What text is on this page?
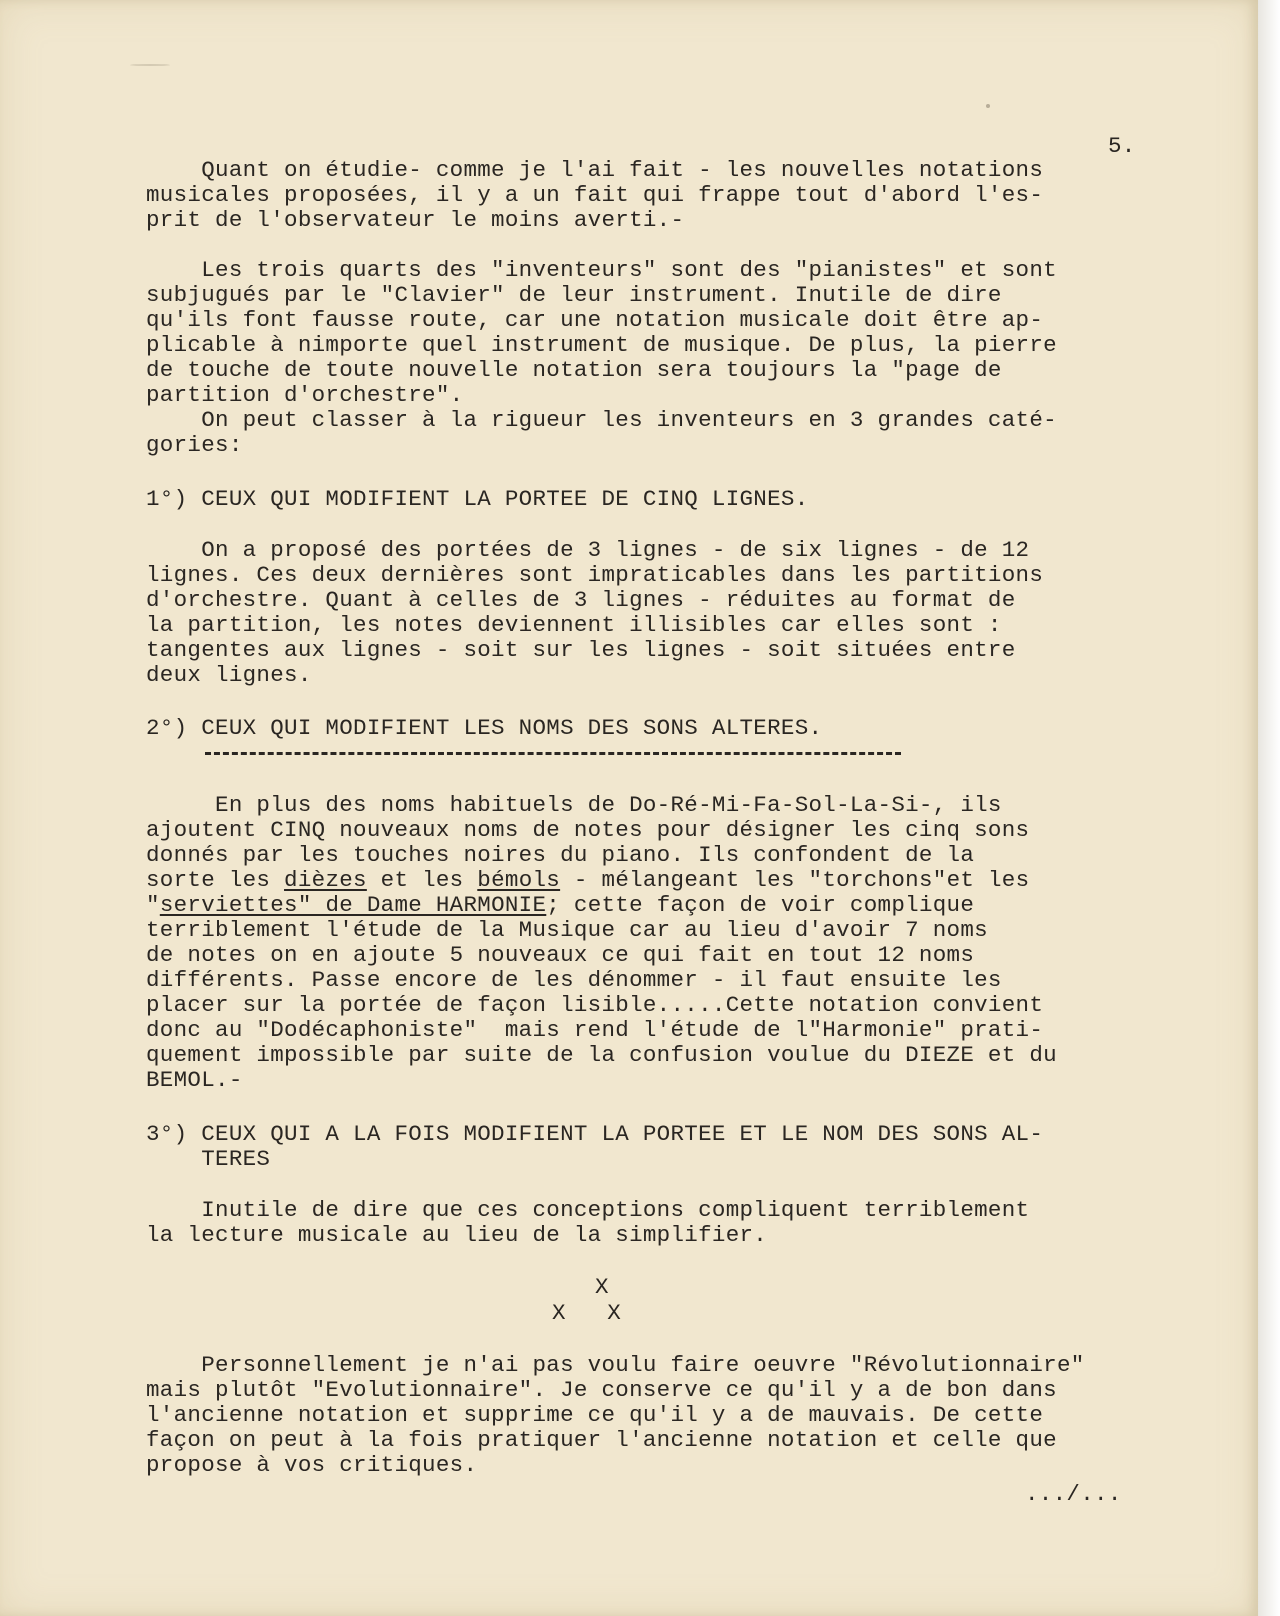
5.
Quant on étudie- comme je l'ai fait - les nouvelles notations
musicales proposées, il y a un fait qui frappe tout d'abord l'es-
prit de l'observateur le moins averti.-
Les trois quarts des "inventeurs" sont des "pianistes" et sont
subjugués par le "Clavier" de leur instrument. Inutile de dire
qu'ils font fausse route, car une notation musicale doit être ap-
plicable à nimporte quel instrument de musique. De plus, la pierre
de touche de toute nouvelle notation sera toujours la "page de
partition d'orchestre".
On peut classer à la rigueur les inventeurs en 3 grandes caté-
gories:
1°) CEUX QUI MODIFIENT LA PORTEE DE CINQ LIGNES.
On a proposé des portées de 3 lignes - de six lignes - de 12
lignes. Ces deux dernières sont impraticables dans les partitions
d'orchestre. Quant à celles de 3 lignes - réduites au format de
la partition, les notes deviennent illisibles car elles sont :
tangentes aux lignes - soit sur les lignes - soit situées entre
deux lignes.
2°) CEUX QUI MODIFIENT LES NOMS DES SONS ALTERES.
En plus des noms habituels de Do-Ré-Mi-Fa-Sol-La-Si-, ils
ajoutent CINQ nouveaux noms de notes pour désigner les cinq sons
donnés par les touches noires du piano. Ils confondent de la
sorte les dièzes et les bémols - mélangeant les "torchons"et les
"serviettes" de Dame HARMONIE; cette façon de voir complique
terriblement l'étude de la Musique car au lieu d'avoir 7 noms
de notes on en ajoute 5 nouveaux ce qui fait en tout 12 noms
différents. Passe encore de les dénommer - il faut ensuite les
placer sur la portée de façon lisible.....Cette notation convient
donc au "Dodécaphoniste"  mais rend l'étude de l"Harmonie" prati-
quement impossible par suite de la confusion voulue du DIEZE et du
BEMOL.-
3°) CEUX QUI A LA FOIS MODIFIENT LA PORTEE ET LE NOM DES SONS AL-
TERES
Inutile de dire que ces conceptions compliquent terriblement
la lecture musicale au lieu de la simplifier.
X
X   X
Personnellement je n'ai pas voulu faire oeuvre "Révolutionnaire"
mais plutôt "Evolutionnaire". Je conserve ce qu'il y a de bon dans
l'ancienne notation et supprime ce qu'il y a de mauvais. De cette
façon on peut à la fois pratiquer l'ancienne notation et celle que
propose à vos critiques.
.../...
